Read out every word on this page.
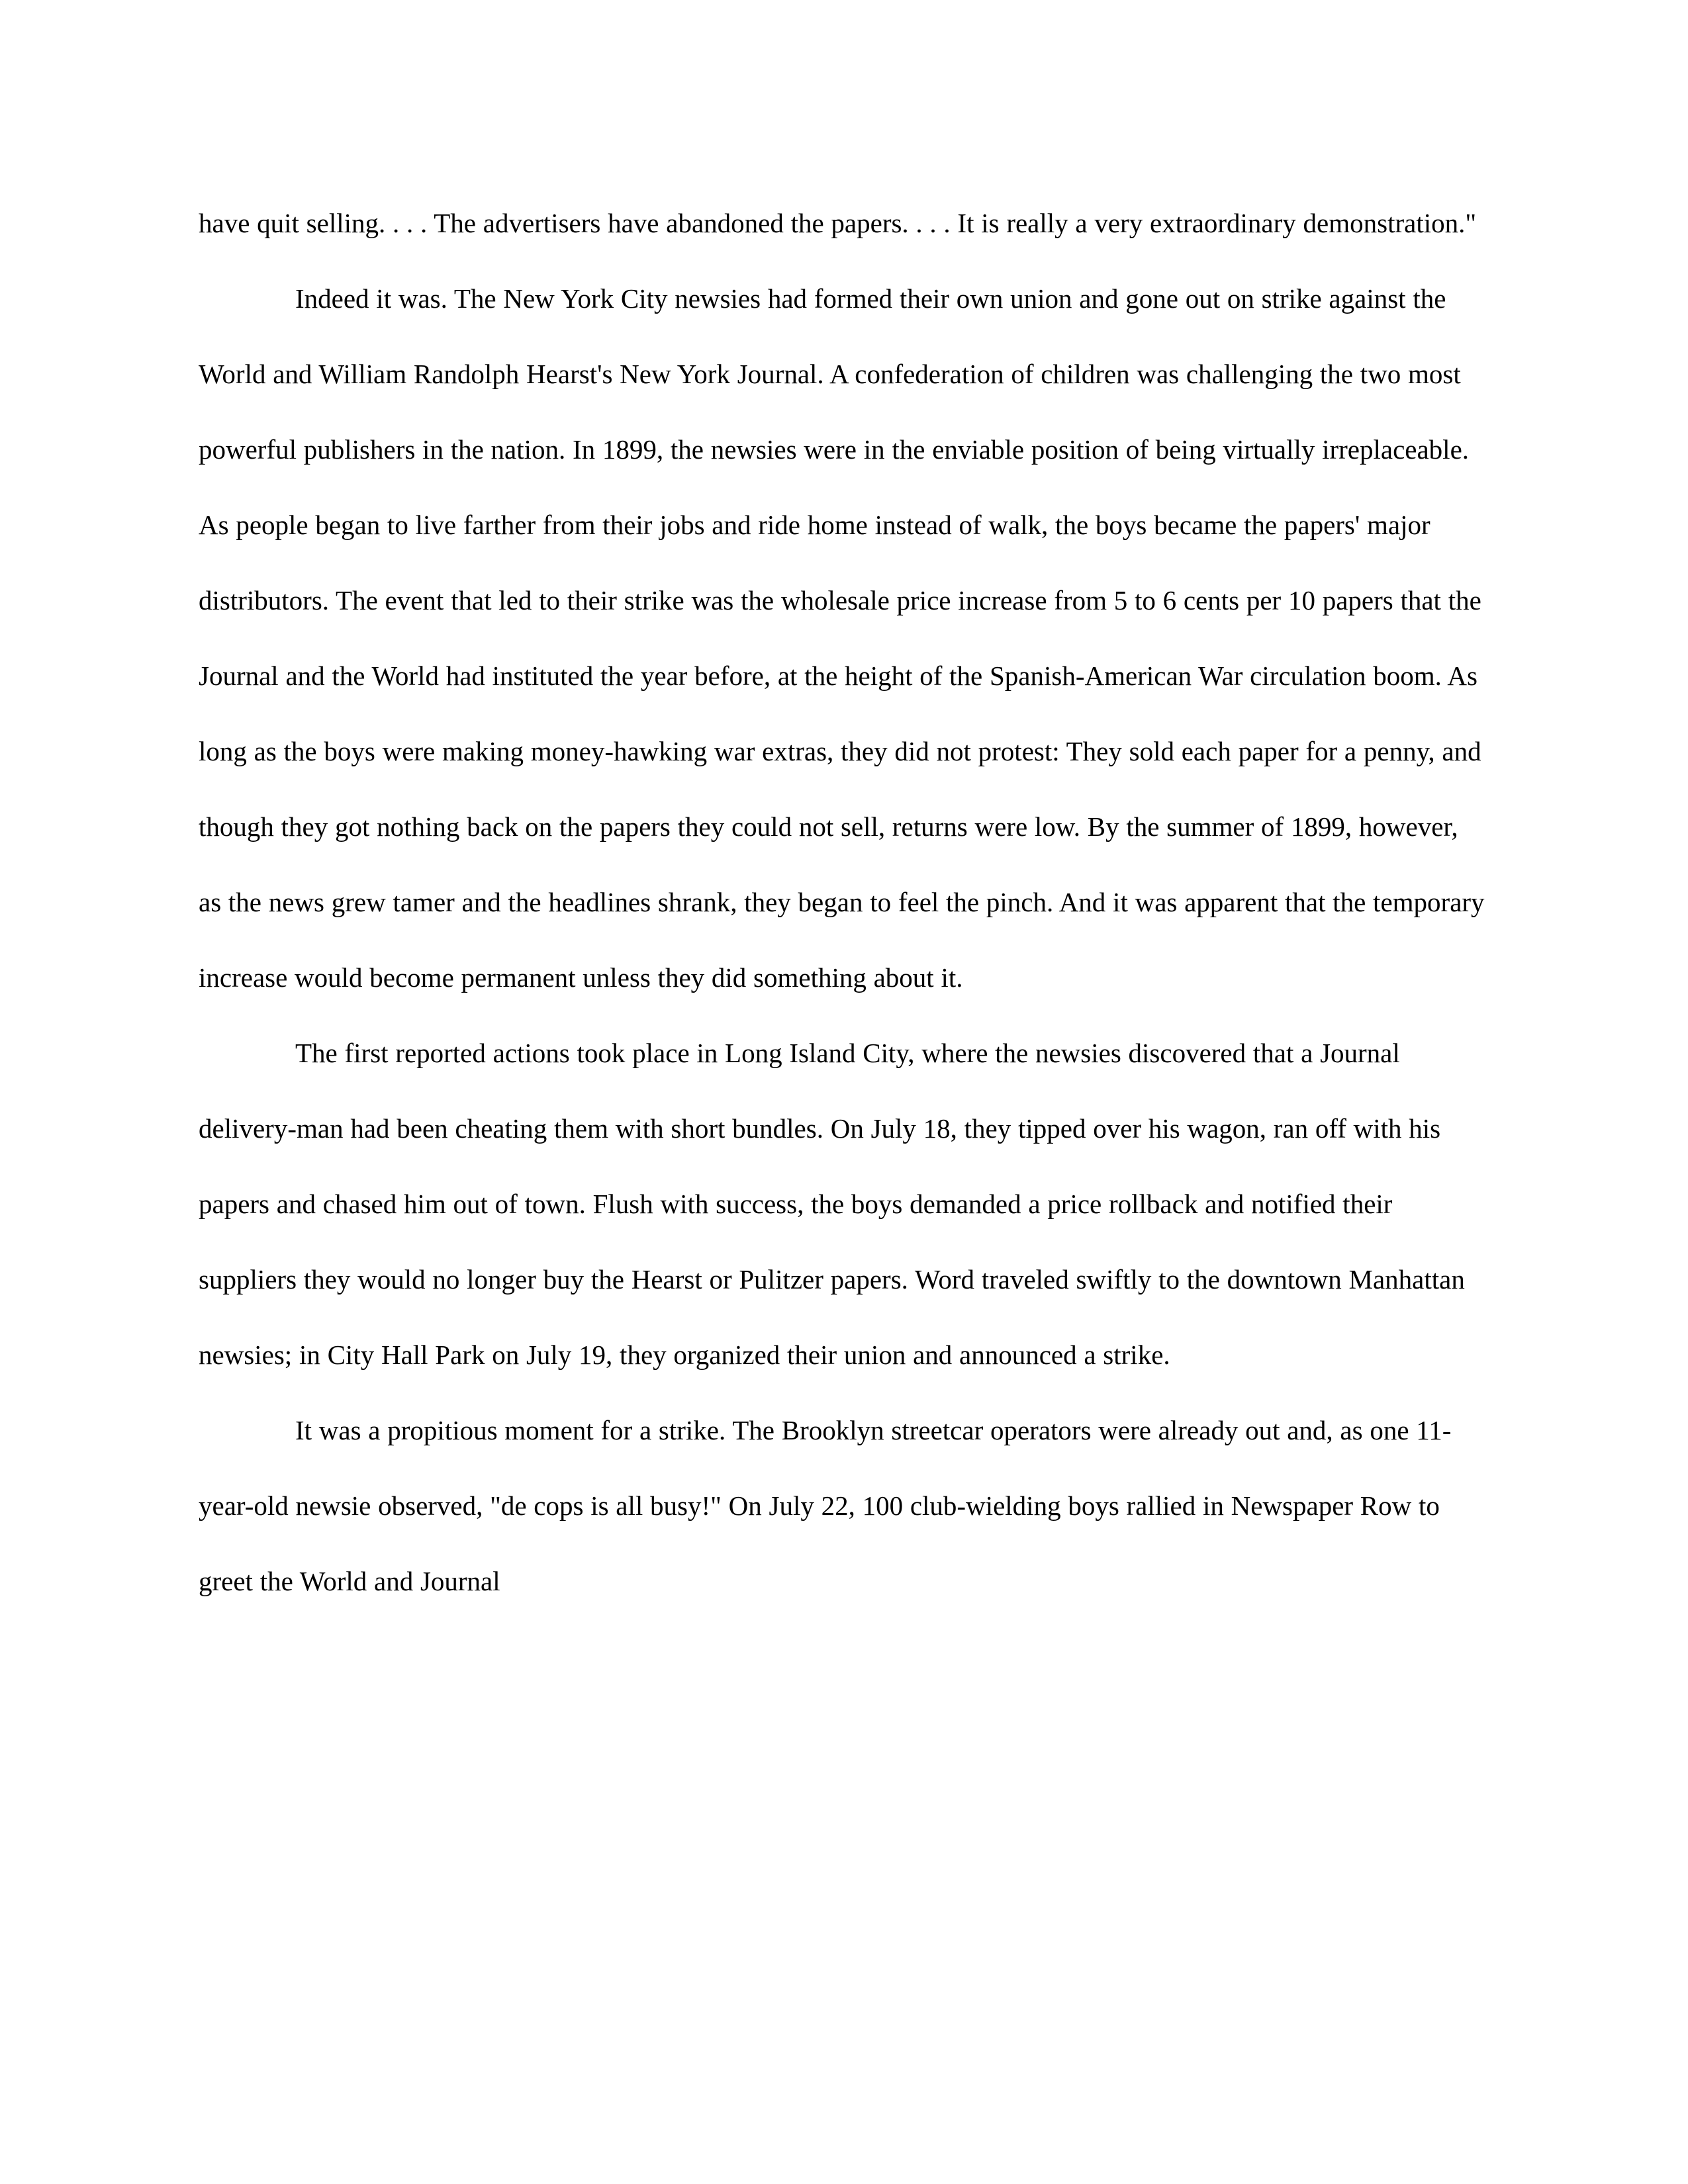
have quit selling. . . . The advertisers have abandoned the papers. . . . It is really a very extraordinary demonstration."

Indeed it was. The New York City newsies had formed their own union and gone out on strike against the World and William Randolph Hearst's New York Journal. A confederation of children was challenging the two most powerful publishers in the nation. In 1899, the newsies were in the enviable position of being virtually irreplaceable. As people began to live farther from their jobs and ride home instead of walk, the boys became the papers' major distributors. The event that led to their strike was the wholesale price increase from 5 to 6 cents per 10 papers that the Journal and the World had instituted the year before, at the height of the Spanish-American War circulation boom. As long as the boys were making money-hawking war extras, they did not protest: They sold each paper for a penny, and though they got nothing back on the papers they could not sell, returns were low. By the summer of 1899, however, as the news grew tamer and the headlines shrank, they began to feel the pinch. And it was apparent that the temporary increase would become permanent unless they did something about it.

The first reported actions took place in Long Island City, where the newsies discovered that a Journal delivery-man had been cheating them with short bundles. On July 18, they tipped over his wagon, ran off with his papers and chased him out of town. Flush with success, the boys demanded a price rollback and notified their suppliers they would no longer buy the Hearst or Pulitzer papers. Word traveled swiftly to the downtown Manhattan newsies; in City Hall Park on July 19, they organized their union and announced a strike.

It was a propitious moment for a strike. The Brooklyn streetcar operators were already out and, as one 11-year-old newsie observed, "de cops is all busy!" On July 22, 100 club-wielding boys rallied in Newspaper Row to greet the World and Journal
